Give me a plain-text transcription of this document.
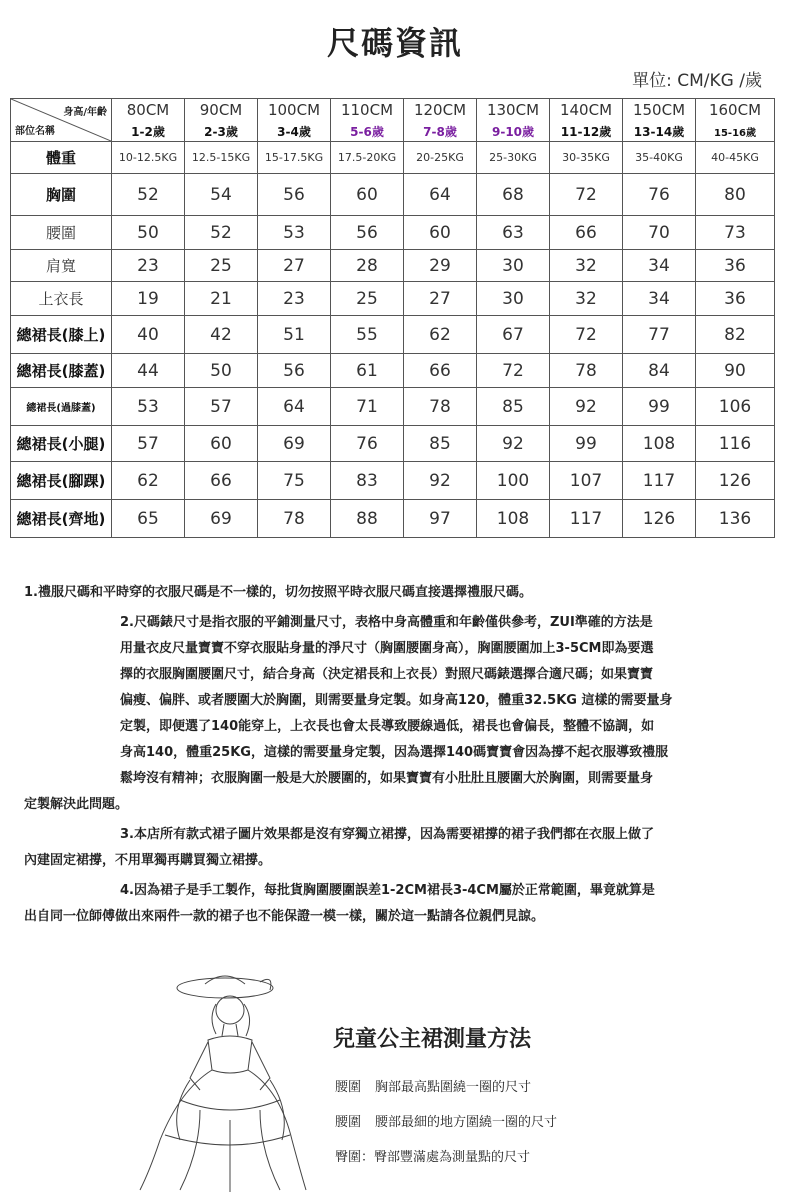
尺碼資訊
單位: CM/KG /歲
身高/年齡
部位名稱	80CM	90CM	100CM	110CM	120CM	130CM	140CM	150CM	160CM
	1-2歲	2-3歲	3-4歲	5-6歲	7-8歲	9-10歲	11-12歲	13-14歲	15-16歲
體重	10-12.5KG	12.5-15KG	15-17.5KG	17.5-20KG	20-25KG	25-30KG	30-35KG	35-40KG	40-45KG
胸圍	52	54	56	60	64	68	72	76	80
腰圍	50	52	53	56	60	63	66	70	73
肩寬	23	25	27	28	29	30	32	34	36
上衣長	19	21	23	25	27	30	32	34	36
總裙長(膝上)	40	42	51	55	62	67	72	77	82
總裙長(膝蓋)	44	50	56	61	66	72	78	84	90
總裙長(過膝蓋)	53	57	64	71	78	85	92	99	106
總裙長(小腿)	57	60	69	76	85	92	99	108	116
總裙長(腳踝)	62	66	75	83	92	100	107	117	126
總裙長(齊地)	65	69	78	88	97	108	117	126	136

1.禮服尺碼和平時穿的衣服尺碼是不一樣的，切勿按照平時衣服尺碼直接選擇禮服尺碼。

2.尺碼錶尺寸是指衣服的平鋪測量尺寸，表格中身高體重和年齡僅供參考，ZUI準確的方法是

用量衣皮尺量寶寶不穿衣服貼身量的淨尺寸（胸圍腰圍身高），胸圍腰圍加上3-5CM即為要選

擇的衣服胸圍腰圍尺寸，結合身高（決定裙長和上衣長）對照尺碼錶選擇合適尺碼；如果寶寶

偏瘦、偏胖、或者腰圍大於胸圍，則需要量身定製。如身高120，體重32.5KG 這樣的需要量身

定製，即便選了140能穿上，上衣長也會太長導致腰線過低，裙長也會偏長，整體不協調，如

身高140，體重25KG，這樣的需要量身定製，因為選擇140碼寶寶會因為撐不起衣服導致禮服

鬆垮沒有精神；衣服胸圍一般是大於腰圍的，如果寶寶有小肚肚且腰圍大於胸圍，則需要量身

定製解決此問題。

3.本店所有款式裙子圖片效果都是沒有穿獨立裙撐，因為需要裙撐的裙子我們都在衣服上做了

內建固定裙撐，不用單獨再購買獨立裙撐。

4.因為裙子是手工製作，每批貨胸圍腰圍誤差1-2CM裙長3-4CM屬於正常範圍，畢竟就算是

出自同一位師傅做出來兩件一款的裙子也不能保證一模一樣，關於這一點請各位親們見諒。

兒童公主裙測量方法
腰圍 胸部最高點圍繞一圈的尺寸
腰圍 腰部最細的地方圍繞一圈的尺寸
臀圍：臀部豐滿處為測量點的尺寸
